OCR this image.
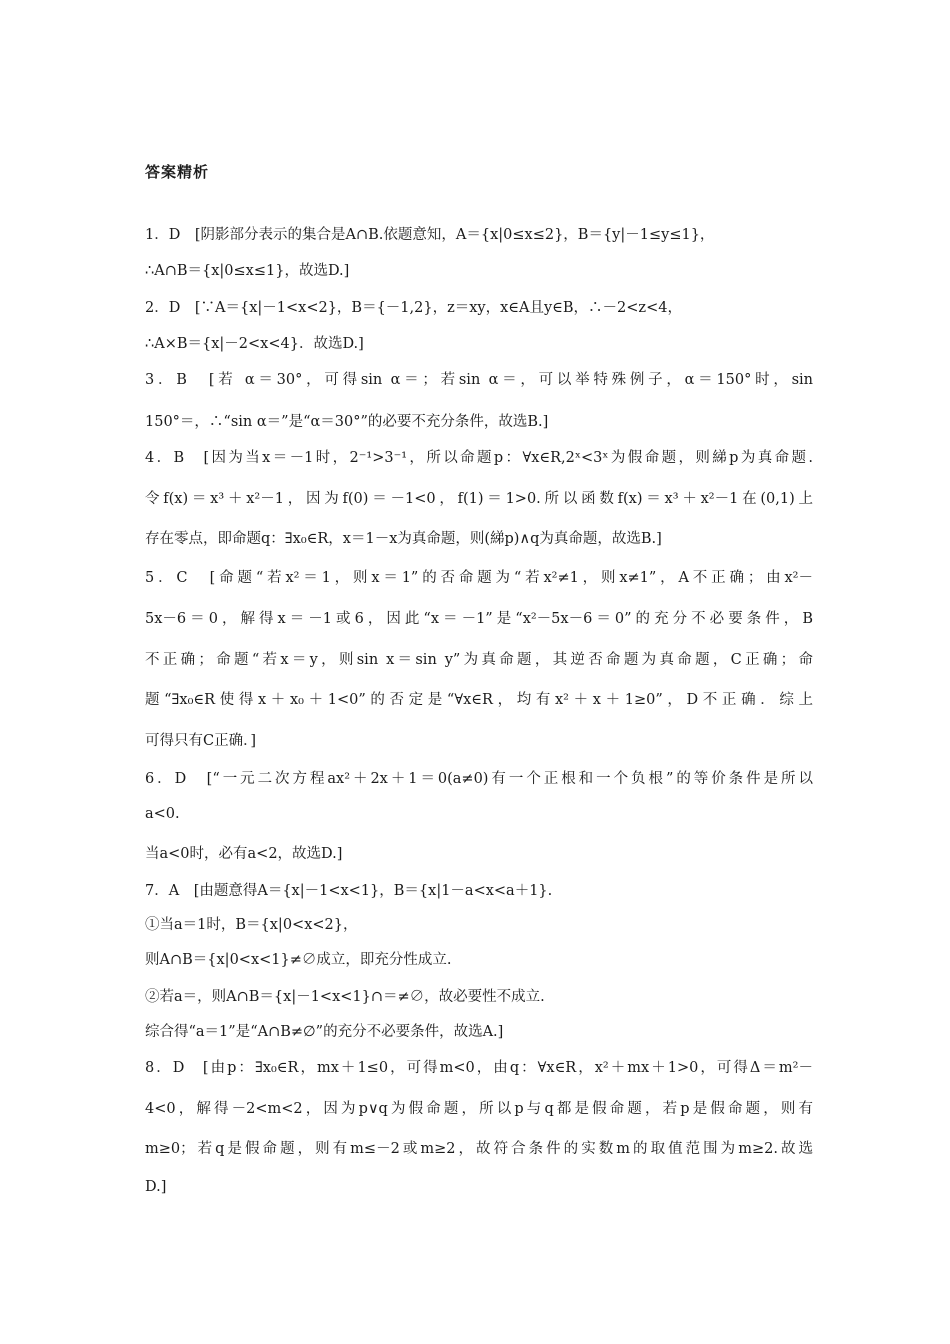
答案精析
1．D　[阴影部分表示的集合是A∩B.依题意知，A＝{x|0≤x≤2}，B＝{y|－1≤y≤1}，
∴A∩B＝{x|0≤x≤1}，故选D.]
2．D　[∵A＝{x|－1<x<2}，B＝{－1,2}，z＝xy，x∈A且y∈B，∴－2<z<4，
∴A×B＝{x|－2<x<4}．故选D.]
3．B　[若 α＝30°，可得sin α＝；若sin α＝，可以举特殊例子，α＝150°时，sin
150°＝，∴“sin α＝”是“α＝30°”的必要不充分条件，故选B.]
4．B　[因为当x＝－1时，2⁻¹>3⁻¹，所以命题p：∀x∈R,2ˣ<3ˣ为假命题，则綈p为真命题.
令f(x)＝x³＋x²－1，因为f(0)＝－1<0，f(1)＝1>0.所以函数f(x)＝x³＋x²－1在(0,1)上
存在零点，即命题q：∃x₀∈R，x＝1－x为真命题，则(綈p)∧q为真命题，故选B.]
5．C　[命题“若x²＝1，则x＝1”的否命题为“若x²≠1，则x≠1”，A不正确；由x²－
5x－6＝0，解得x＝－1或6，因此“x＝－1”是“x²－5x－6＝0”的充分不必要条件，B
不正确；命题“若x＝y，则sin x＝sin y”为真命题，其逆否命题为真命题，C正确；命
题“∃x₀∈R使得x＋x₀＋1<0”的否定是“∀x∈R，均有x²＋x＋1≥0”，D不正确．综上
可得只有C正确．]
6．D　[“一元二次方程ax²＋2x＋1＝0(a≠0)有一个正根和一个负根”的等价条件是所以
a<0.
当a<0时，必有a<2，故选D.]
7．A　[由题意得A＝{x|－1<x<1}，B＝{x|1－a<x<a＋1}.
①当a＝1时，B＝{x|0<x<2}，
则A∩B＝{x|0<x<1}≠∅成立，即充分性成立.
②若a＝，则A∩B＝{x|－1<x<1}∩＝≠∅，故必要性不成立.
综合得“a＝1”是“A∩B≠∅”的充分不必要条件，故选A.]
8．D　[由p：∃x₀∈R，mx＋1≤0，可得m<0，由q：∀x∈R，x²＋mx＋1>0，可得Δ＝m²－
4<0，解得－2<m<2，因为p∨q为假命题，所以p与q都是假命题，若p是假命题，则有
m≥0；若q是假命题，则有m≤－2或m≥2，故符合条件的实数m的取值范围为m≥2.故选
D.]
